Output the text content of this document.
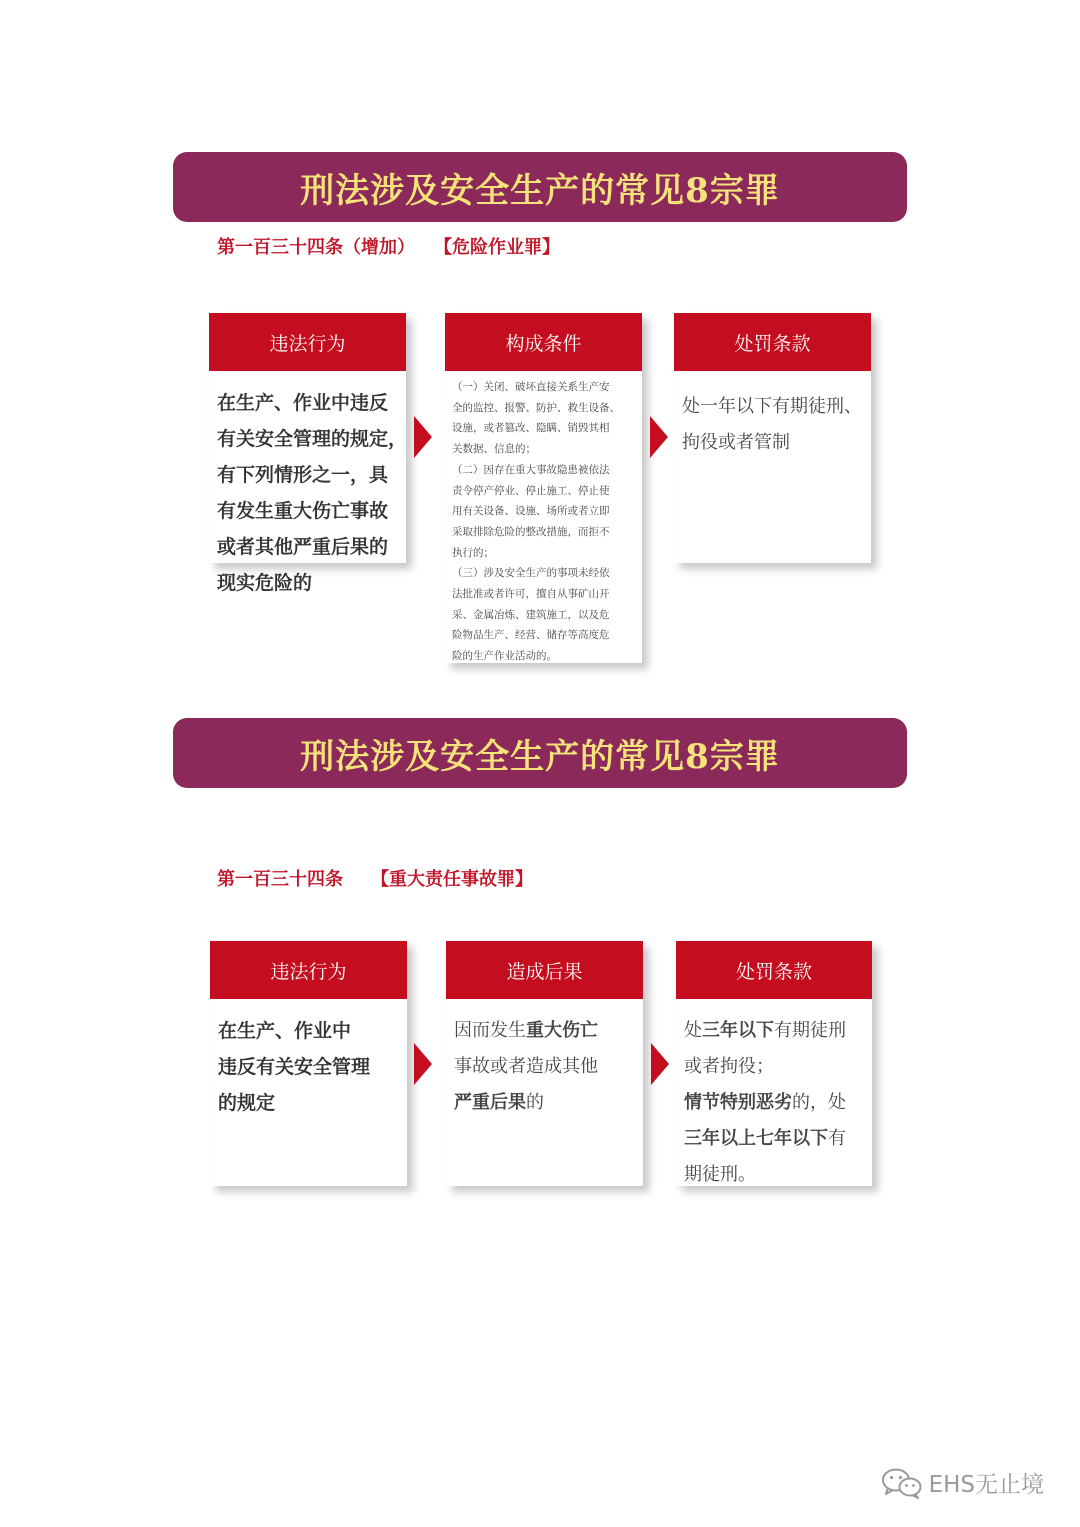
刑法涉及安全生产的常见8宗罪
第一百三十四条（增加） 【危险作业罪】
违法行为
在生产、作业中违反
有关安全管理的规定，
有下列情形之一，具
有发生重大伤亡事故
或者其他严重后果的
现实危险的
构成条件
（一）关闭、破坏直接关系生产安
全的监控、报警、防护、救生设备、
设施，或者篡改、隐瞒、销毁其相
关数据、信息的；
（二）因存在重大事故隐患被依法
责令停产停业、停止施工、停止使
用有关设备、设施、场所或者立即
采取排除危险的整改措施，而拒不
执行的；
（三）涉及安全生产的事项未经依
法批准或者许可，擅自从事矿山开
采、金属冶炼、建筑施工，以及危
险物品生产、经营、储存等高度危
险的生产作业活动的。
处罚条款
处一年以下有期徒刑、
拘役或者管制
刑法涉及安全生产的常见8宗罪
第一百三十四条 【重大责任事故罪】
违法行为
在生产、作业中
违反有关安全管理
的规定
造成后果
因而发生重大伤亡
事故或者造成其他
严重后果的
处罚条款
处三年以下有期徒刑
或者拘役；
情节特别恶劣的，处
三年以上七年以下有
期徒刑。
EHS无止境
